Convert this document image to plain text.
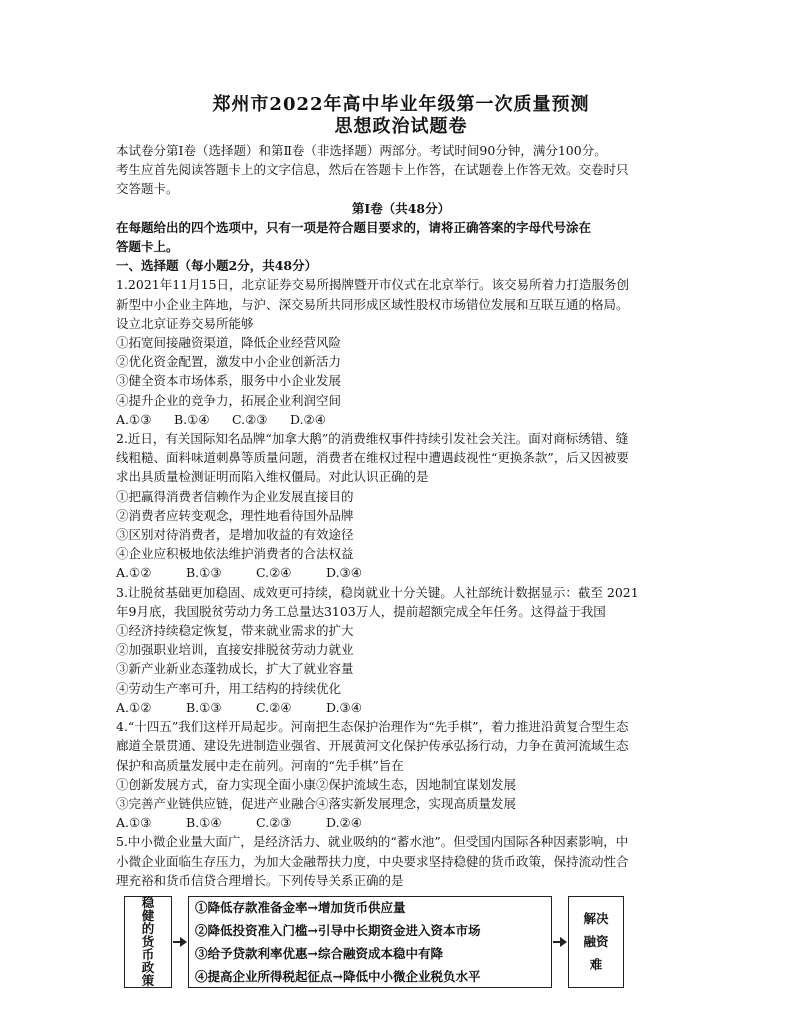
郑州市2022年高中毕业年级第一次质量预测
思想政治试题卷
本试卷分第Ⅰ卷（选择题）和第Ⅱ卷（非选择题）两部分。考试时间90分钟，满分100分。
考生应首先阅读答题卡上的文字信息，然后在答题卡上作答，在试题卷上作答无效。交卷时只
交答题卡。
第Ⅰ卷（共48分）
在每题给出的四个选项中，只有一项是符合题目要求的，请将正确答案的字母代号涂在
答题卡上。
一、选择题（每小题2分，共48分）
1.2021年11月15日，北京证券交易所揭牌暨开市仪式在北京举行。该交易所着力打造服务创
新型中小企业主阵地，与沪、深交易所共同形成区域性股权市场错位发展和互联互通的格局。
设立北京证券交易所能够
①拓宽间接融资渠道，降低企业经营风险
②优化资金配置，激发中小企业创新活力
③健全资本市场体系，服务中小企业发展
④提升企业的竞争力，拓展企业利润空间
A.①③	B.①④	C.②③	D.②④
2.近日，有关国际知名品牌“加拿大鹅”的消费维权事件持续引发社会关注。面对商标绣错、缝
线粗糙、面料味道刺鼻等质量问题，消费者在维权过程中遭遇歧视性“更换条款”，后又因被要
求出具质量检测证明而陷入维权僵局。对此认识正确的是
①把赢得消费者信赖作为企业发展直接目的
②消费者应转变观念，理性地看待国外品牌
③区别对待消费者，是增加收益的有效途径
④企业应积极地依法维护消费者的合法权益
A.①②	B.①③	C.②④	D.③④
3.让脱贫基础更加稳固、成效更可持续，稳岗就业十分关键。人社部统计数据显示：截至 2021
年9月底，我国脱贫劳动力务工总量达3103万人，提前超额完成全年任务。这得益于我国
①经济持续稳定恢复，带来就业需求的扩大
②加强职业培训，直接安排脱贫劳动力就业
③新产业新业态蓬勃成长，扩大了就业容量
④劳动生产率可升，用工结构的持续优化
A.①②	B.①③	C.②④	D.③④
4.“十四五”我们这样开局起步。河南把生态保护治理作为“先手棋”，着力推进沿黄复合型生态
廊道全景贯通、建设先进制造业强省、开展黄河文化保护传承弘扬行动，力争在黄河流域生态
保护和高质量发展中走在前列。河南的“先手棋”旨在
①创新发展方式，奋力实现全面小康②保护流域生态，因地制宜谋划发展
③完善产业链供应链，促进产业融合④落实新发展理念，实现高质量发展
A.①③	B.①④	C.②③	D.②④
5.中小微企业量大面广，是经济活力、就业吸纳的“蓄水池”。但受国内国际各种因素影响，中
小微企业面临生存压力，为加大金融帮扶力度，中央要求坚持稳健的货币政策，保持流动性合
理充裕和货币信贷合理增长。下列传导关系正确的是
稳
健
的
货
币
政
策
①降低存款准备金率→增加货币供应量
②降低投资准入门槛→引导中长期资金进入资本市场
③给予贷款利率优惠→综合融资成本稳中有降
④提高企业所得税起征点→降低中小微企业税负水平
解决
融资
难
